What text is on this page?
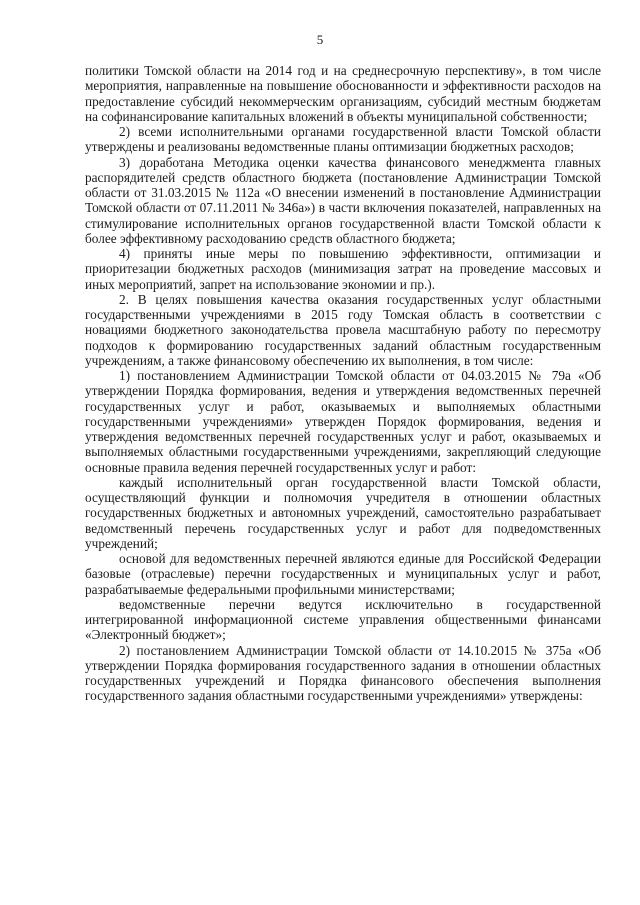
5

политики Томской области на 2014 год и на среднесрочную перспективу», в том числе мероприятия, направленные на повышение обоснованности и эффективности расходов на предоставление субсидий некоммерческим организациям, субсидий местным бюджетам на софинансирование капитальных вложений в объекты муниципальной собственности;

2) всеми исполнительными органами государственной власти Томской области утверждены и реализованы ведомственные планы оптимизации бюджетных расходов;

3) доработана Методика оценки качества финансового менеджмента главных распорядителей средств областного бюджета (постановление Администрации Томской области от 31.03.2015 № 112а «О внесении изменений в постановление Администрации Томской области от 07.11.2011 № 346а») в части включения показателей, направленных на стимулирование исполнительных органов государственной власти Томской области к более эффективному расходованию средств областного бюджета;

4) приняты иные меры по повышению эффективности, оптимизации и приоритезации бюджетных расходов (минимизация затрат на проведение массовых и иных мероприятий, запрет на использование экономии и пр.).

2. В целях повышения качества оказания государственных услуг областными государственными учреждениями в 2015 году Томская область в соответствии с новациями бюджетного законодательства провела масштабную работу по пересмотру подходов к формированию государственных заданий областным государственным учреждениям, а также финансовому обеспечению их выполнения, в том числе:

1) постановлением Администрации Томской области от 04.03.2015 № 79а «Об утверждении Порядка формирования, ведения и утверждения ведомственных перечней государственных услуг и работ, оказываемых и выполняемых областными государственными учреждениями» утвержден Порядок формирования, ведения и утверждения ведомственных перечней государственных услуг и работ, оказываемых и выполняемых областными государственными учреждениями, закрепляющий следующие основные правила ведения перечней государственных услуг и работ:

каждый исполнительный орган государственной власти Томской области, осуществляющий функции и полномочия учредителя в отношении областных государственных бюджетных и автономных учреждений, самостоятельно разрабатывает ведомственный перечень государственных услуг и работ для подведомственных учреждений;

основой для ведомственных перечней являются единые для Российской Федерации базовые (отраслевые) перечни государственных и муниципальных услуг и работ, разрабатываемые федеральными профильными министерствами;

ведомственные перечни ведутся исключительно в государственной интегрированной информационной системе управления общественными финансами «Электронный бюджет»;

2) постановлением Администрации Томской области от 14.10.2015 № 375а «Об утверждении Порядка формирования государственного задания в отношении областных государственных учреждений и Порядка финансового обеспечения выполнения государственного задания областными государственными учреждениями» утверждены:
